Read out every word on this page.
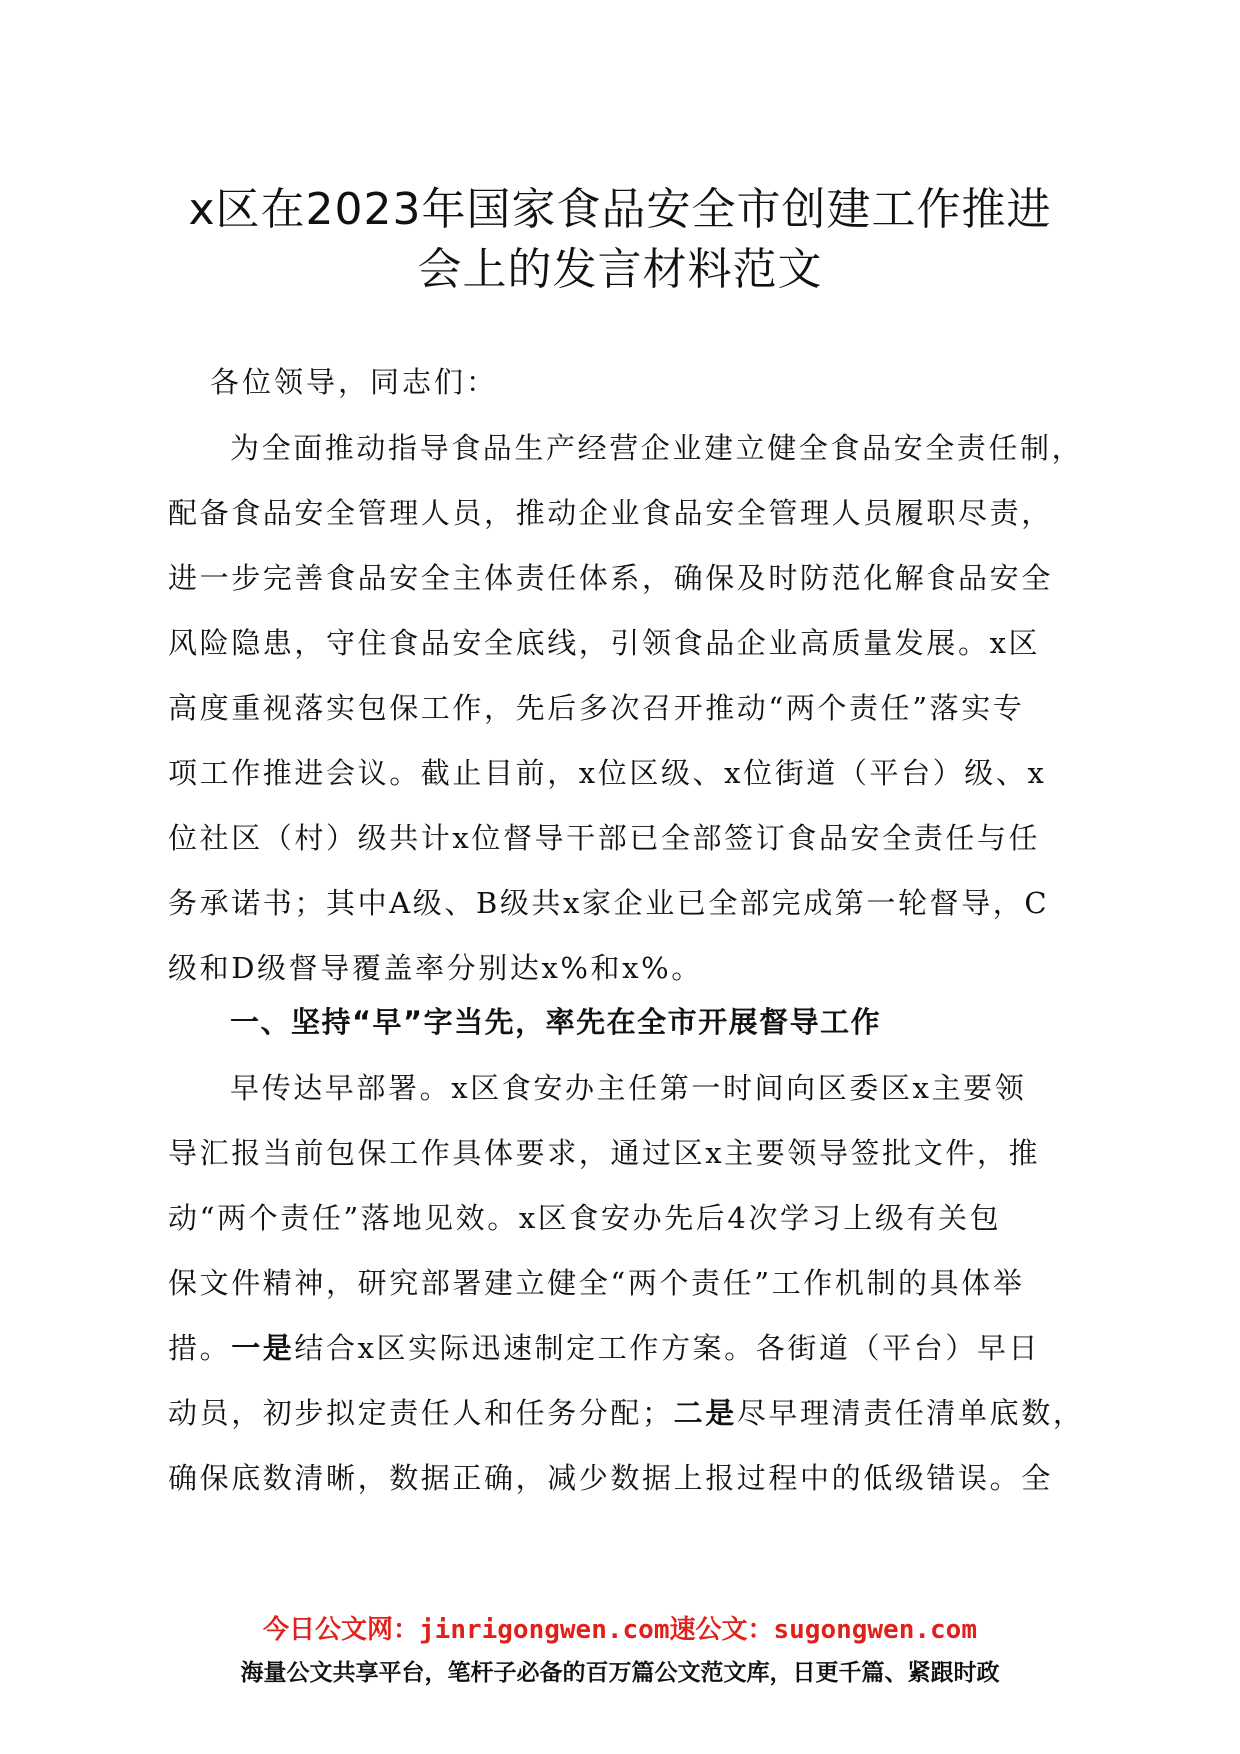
x区在2023年国家食品安全市创建工作推进
会上的发言材料范文
各位领导，同志们：
为全面推动指导食品生产经营企业建立健全食品安全责任制，
配备食品安全管理人员，推动企业食品安全管理人员履职尽责，
进一步完善食品安全主体责任体系，确保及时防范化解食品安全
风险隐患，守住食品安全底线，引领食品企业高质量发展。x区
高度重视落实包保工作，先后多次召开推动“两个责任”落实专
项工作推进会议。截止目前，x位区级、x位街道（平台）级、x
位社区（村）级共计x位督导干部已全部签订食品安全责任与任
务承诺书；其中A级、B级共x家企业已全部完成第一轮督导，C
级和D级督导覆盖率分别达x%和x%。
一、坚持“早”字当先，率先在全市开展督导工作
早传达早部署。x区食安办主任第一时间向区委区x主要领
导汇报当前包保工作具体要求，通过区x主要领导签批文件，推
动“两个责任”落地见效。x区食安办先后4次学习上级有关包
保文件精神，研究部署建立健全“两个责任”工作机制的具体举
措。一是结合x区实际迅速制定工作方案。各街道（平台）早日
动员，初步拟定责任人和任务分配；二是尽早理清责任清单底数，
确保底数清晰，数据正确，减少数据上报过程中的低级错误。全
今日公文网：jinrigongwen.com速公文：sugongwen.com
海量公文共享平台，笔杆子必备的百万篇公文范文库，日更千篇、紧跟时政
